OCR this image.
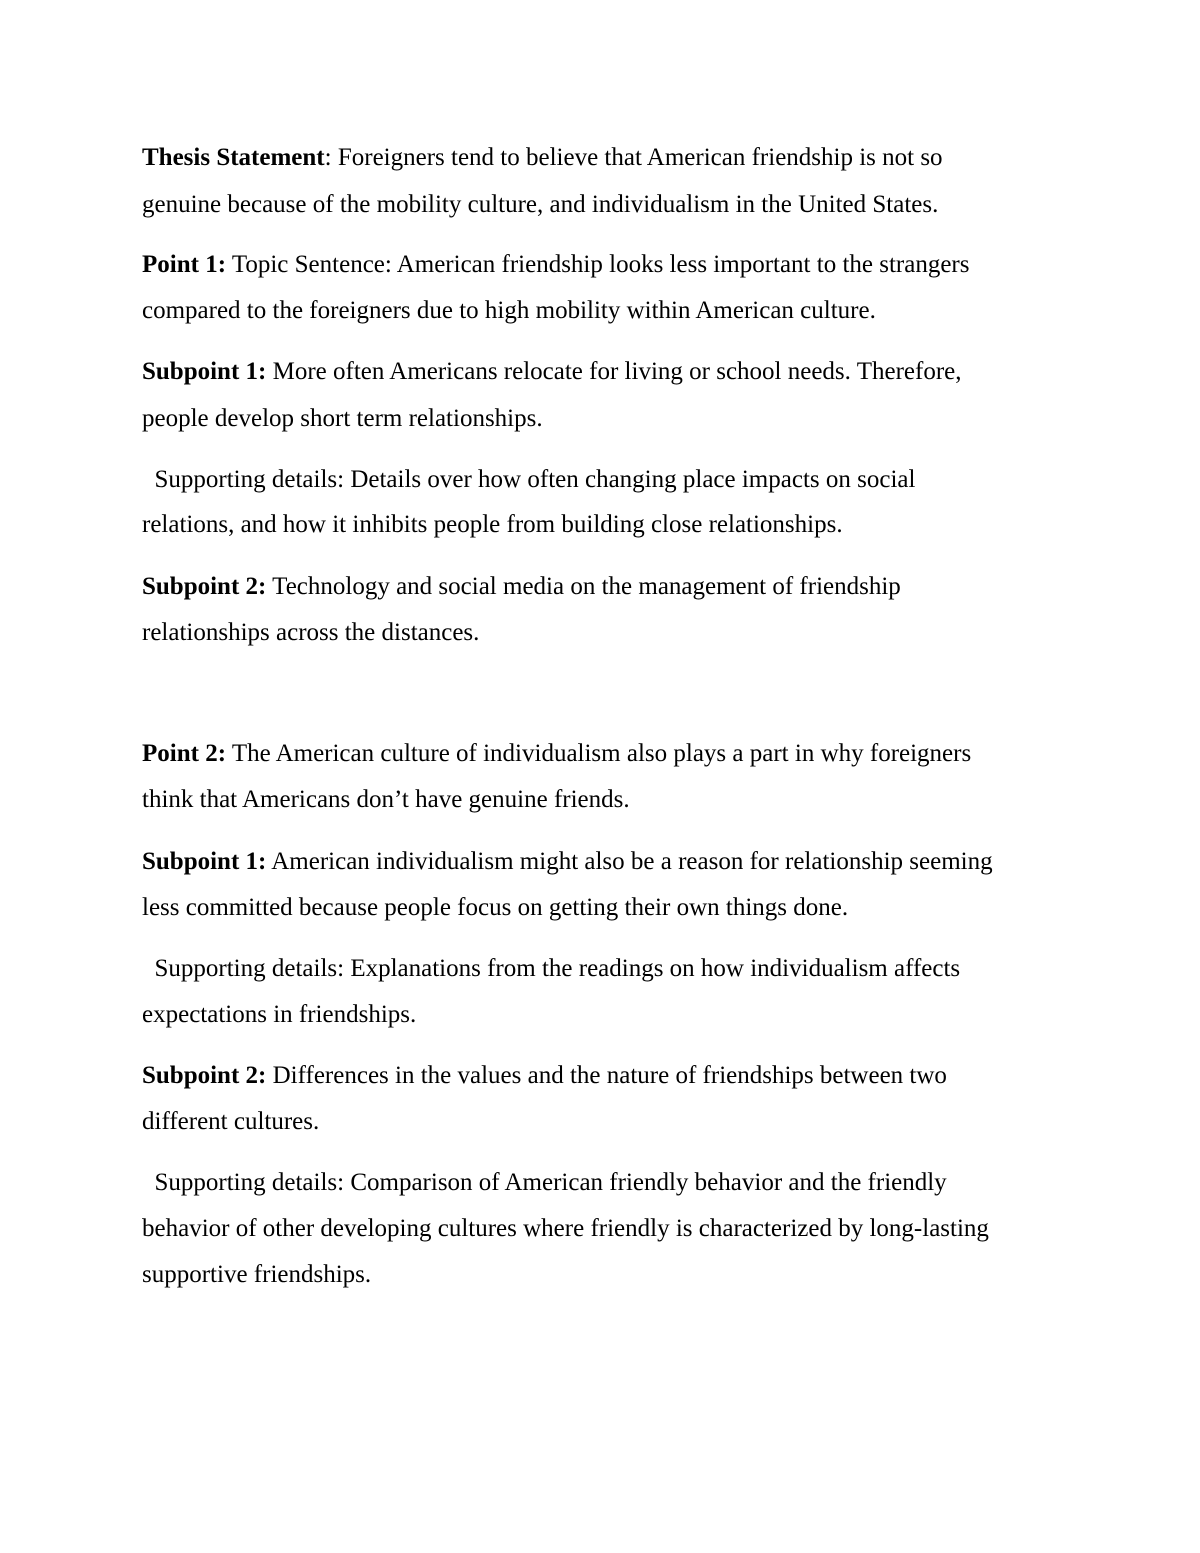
Thesis Statement: Foreigners tend to believe that American friendship is not so
genuine because of the mobility culture, and individualism in the United States.
Point 1: Topic Sentence: American friendship looks less important to the strangers
compared to the foreigners due to high mobility within American culture.
Subpoint 1: More often Americans relocate for living or school needs. Therefore,
people develop short term relationships.
Supporting details: Details over how often changing place impacts on social
relations, and how it inhibits people from building close relationships.
Subpoint 2: Technology and social media on the management of friendship
relationships across the distances.
Point 2: The American culture of individualism also plays a part in why foreigners
think that Americans don’t have genuine friends.
Subpoint 1: American individualism might also be a reason for relationship seeming
less committed because people focus on getting their own things done.
Supporting details: Explanations from the readings on how individualism affects
expectations in friendships.
Subpoint 2: Differences in the values and the nature of friendships between two
different cultures.
Supporting details: Comparison of American friendly behavior and the friendly
behavior of other developing cultures where friendly is characterized by long-lasting
supportive friendships.
